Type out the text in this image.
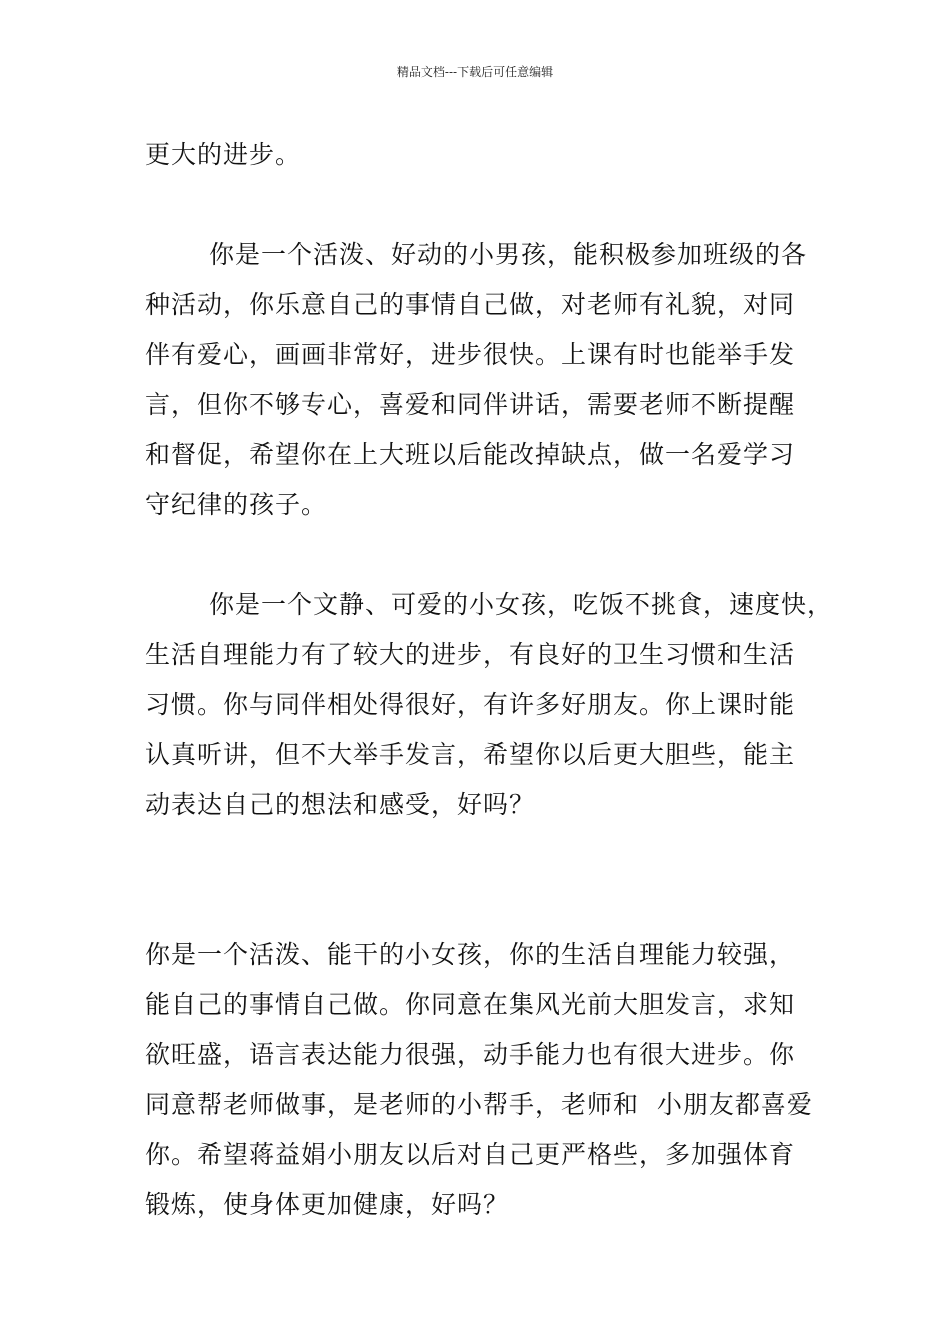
精品文档---下载后可任意编辑
更大的进步。
你是一个活泼、好动的小男孩，能积极参加班级的各
种活动，你乐意自己的事情自己做，对老师有礼貌，对同
伴有爱心，画画非常好，进步很快。上课有时也能举手发
言，但你不够专心，喜爱和同伴讲话，需要老师不断提醒
和督促，希望你在上大班以后能改掉缺点，做一名爱学习
守纪律的孩子。
你是一个文静、可爱的小女孩，吃饭不挑食，速度快，
生活自理能力有了较大的进步，有良好的卫生习惯和生活
习惯。你与同伴相处得很好，有许多好朋友。你上课时能
认真听讲，但不大举手发言，希望你以后更大胆些，能主
动表达自己的想法和感受，好吗？
你是一个活泼、能干的小女孩，你的生活自理能力较强，
能自己的事情自己做。你同意在集风光前大胆发言，求知
欲旺盛，语言表达能力很强，动手能力也有很大进步。你
同意帮老师做事，是老师的小帮手，老师和  小朋友都喜爱
你。希望蒋益娟小朋友以后对自己更严格些，多加强体育
锻炼，使身体更加健康，好吗？
